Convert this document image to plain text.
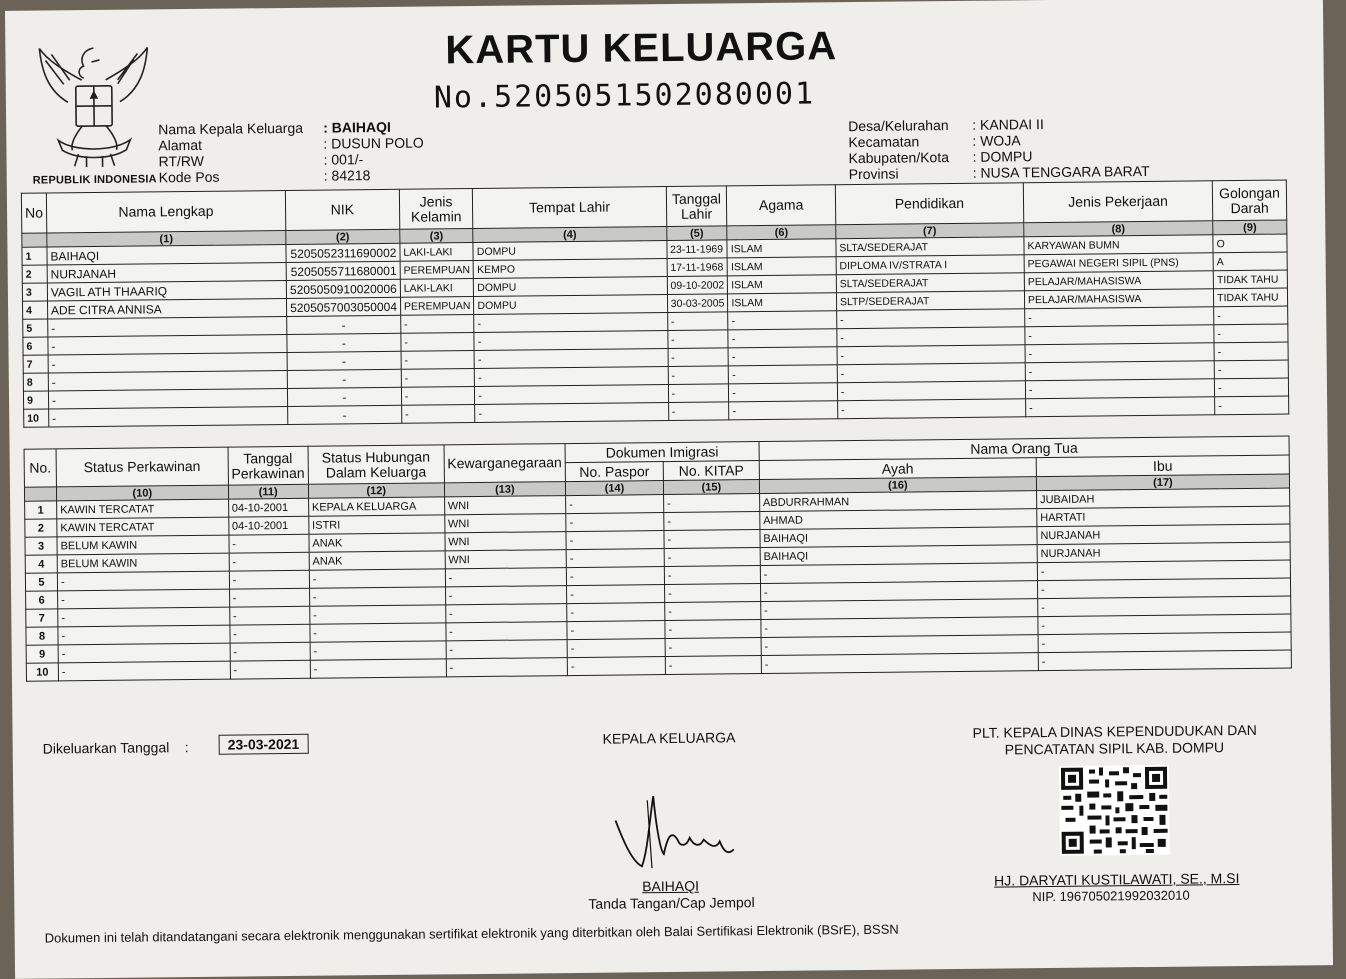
REPUBLIK INDONESIA
KARTU KELUARGA
No.5205051502080001
Nama Kepala Keluarga	: BAIHAQI
Alamat	: DUSUN POLO
RT/RW	: 001/-
Kode Pos	: 84218
Desa/Kelurahan	: KANDAI II
Kecamatan	: WOJA
Kabupaten/Kota	: DOMPU
Provinsi	: NUSA TENGGARA BARAT
No	Nama Lengkap	NIK	Jenis Kelamin	Tempat Lahir	Tanggal Lahir	Agama	Pendidikan	Jenis Pekerjaan	Golongan Darah
	(1)	(2)	(3)	(4)	(5)	(6)	(7)	(8)	(9)
1	BAIHAQI	5205052311690002	LAKI-LAKI	DOMPU	23-11-1969	ISLAM	SLTA/SEDERAJAT	KARYAWAN BUMN	O
2	NURJANAH	5205055711680001	PEREMPUAN	KEMPO	17-11-1968	ISLAM	DIPLOMA IV/STRATA I	PEGAWAI NEGERI SIPIL (PNS)	A
3	VAGIL ATH THAARIQ	5205050910020006	LAKI-LAKI	DOMPU	09-10-2002	ISLAM	SLTA/SEDERAJAT	PELAJAR/MAHASISWA	TIDAK TAHU
4	ADE CITRA ANNISA	5205057003050004	PEREMPUAN	DOMPU	30-03-2005	ISLAM	SLTP/SEDERAJAT	PELAJAR/MAHASISWA	TIDAK TAHU
5	-	-	-	-	-	-	-	-	-
6	-	-	-	-	-	-	-	-	-
7	-	-	-	-	-	-	-	-	-
8	-	-	-	-	-	-	-	-	-
9	-	-	-	-	-	-	-	-	-
10	-	-	-	-	-	-	-	-	-
No.	Status Perkawinan	Tanggal Perkawinan	Status Hubungan Dalam Keluarga	Kewarganegaraan	Dokumen Imigrasi		Nama Orang Tua	
					No. Paspor	No. KITAP	Ayah	Ibu
	(10)	(11)	(12)	(13)	(14)	(15)	(16)	(17)
1	KAWIN TERCATAT	04-10-2001	KEPALA KELUARGA	WNI	-	-	ABDURRAHMAN	JUBAIDAH
2	KAWIN TERCATAT	04-10-2001	ISTRI	WNI	-	-	AHMAD	HARTATI
3	BELUM KAWIN	-	ANAK	WNI	-	-	BAIHAQI	NURJANAH
4	BELUM KAWIN	-	ANAK	WNI	-	-	BAIHAQI	NURJANAH
5	-	-	-	-	-	-	-	-
6	-	-	-	-	-	-	-	-
7	-	-	-	-	-	-	-	-
8	-	-	-	-	-	-	-	-
9	-	-	-	-	-	-	-	-
10	-	-	-	-	-	-	-	-
Dikeluarkan Tanggal :	23-03-2021	KEPALA KELUARGA
BAIHAQI
Tanda Tangan/Cap Jempol
PLT. KEPALA DINAS KEPENDUDUKAN DAN
PENCATATAN SIPIL KAB. DOMPU
HJ. DARYATI KUSTILAWATI, SE., M.SI
NIP. 196705021992032010
Dokumen ini telah ditandatangani secara elektronik menggunakan sertifikat elektronik yang diterbitkan oleh Balai Sertifikasi Elektronik (BSrE), BSSN
